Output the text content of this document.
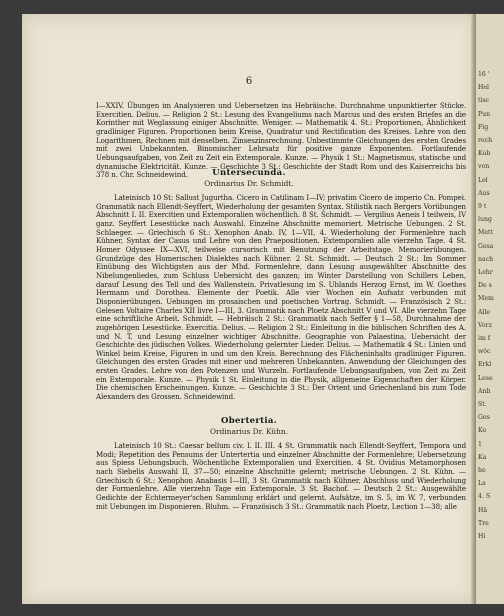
6
I—XXIV. Übungen im Analysieren und Uebersetzen ins Hebräische. Durchnahme unpunktierter Stücke. Exercitien. Delius. — Religion 2 St.: Lesung des Evangeliums nach Marcus und des ersten Briefes an die Korinther mit Weglassung einiger Abschnitte. Weniger. — Mathematik 4. St.: Proportionen, Ähnlichkeit gradliniger Figuren. Proportionen beim Kreise, Quadratur und Rectification des Kreises. Lehre von den Logarithmen, Rechnen mit denselben. Zinseszinsrechnung. Unbestimmte Gleichungen des ersten Grades mit zwei Unbekannten. Binomischer Lehrsatz für positive ganze Exponenten. Fortlaufende Uebungsaufgaben, von Zeit zu Zeit ein Extemporale. Kunze. — Physik 1 St.: Magnetismus, statische und dynamische Elektricität. Kunze. — Geschichte 3 St.: Geschichte der Stadt Rom und des Kaiserreichs bis 378 n. Chr. Schneidewind.	Untersecunda.
Ordinarius Dr. Schmidt.
Lateinisch 10 St: Sallust Jugurtha. Cicero in Catilinam I—IV; privatim Cicero de imperio Cn. Pompei. Grammatik nach Ellendt-Seyffert, Wiederholung der gesamten Syntax. Stilistik nach Bergers Vorübungen Abschnitt I. II. Exercitien und Extemporalien wöchentlich. 8 St. Schmidt. — Vergilius Aeneis I teilweis, IV ganz. Seyffert Lesestücke nach Auswahl. Einzelne Abschnitte memoriert. Metrische Uebungen. 2 St. Schlaeger. — Griechisch 6 St.: Xenophon Anab. IV, 1—VII, 4. Wiederholung der Formenlehre nach Kühner, Syntax der Casus und Lehre von den Praepositionen. Extemporalien alle vierzehn Tage. 4 St. Homer Odyssee IX—XVI, teilweise cursorisch mit Benutzung der Arbeitstage. Memorierübungen. Grundzüge des Homerischen Dialektes nach Kühner. 2 St. Schmidt. — Deutsch 2 St.: Im Sommer Einübung des Wichtigsten aus der Mhd. Formenlehre, dann Lesung ausgewählter Abschnitte des Nibelungenliedes, zum Schluss Uebersicht des ganzen; im Winter Darstellung von Schillers Leben, darauf Lesung des Tell und des Wallenstein. Privatlesung im S. Uhlands Herzog Ernst, im W. Goethes Hermann und Dorothea. Elemente der Poetik. Alle vier Wochen ein Aufsatz verbunden mit Disponierübungen. Uebungen im prosaischen und poetischen Vortrag. Schmidt. — Französisch 2 St.: Gelesen Voltaire Charles XII livre I—III, 3. Grammatik nach Ploetz Abschnitt V und VI. Alle vierzehn Tage eine schriftliche Arbeit. Schmidt. — Hebräisch 2 St.: Grammatik nach Seffer § 1—58, Durchnahme der zugehörigen Lesestücke. Exercitia. Delius. — Religion 2 St.: Einleitung in die biblischen Schriften des A. und N. T. und Lesung einzelner wichtiger Abschnitte. Geographie von Palaestina, Uebersicht der Geschichte des jüdischen Volkes. Wiederholung gelernter Lieder. Delius. — Mathematik 4 St.: Linien und Winkel beim Kreise, Figuren in und um den Kreis. Berechnung des Flächeninhalts gradliniger Figuren. Gleichungen des ersten Grades mit einer und mehreren Unbekannten. Anwendung der Gleichungen des ersten Grades. Lehre von den Potenzen und Wurzeln. Fortlaufende Uebungsaufgaben, von Zeit zu Zeit ein Extemporale. Kunze. — Physik 1 St. Einleitung in die Physik, allgemeine Eigenschaften der Körper. Die chemischen Erscheinungen. Kunze. — Geschichte 3 St.: Der Orient und Griechenland bis zum Tode Alexanders des Grossen. Schneidewind.
Obertertia.
Ordinarius Dr. Kühn.
Lateinisch 10 St.: Caesar bellum civ. I. II. III. 4 St. Grammatik nach Ellendt-Seyffert, Tempora und Modi; Repetition des Pensums der Untertertia und einzelner Abschnitte der Formenlehre; Uebersetzung aus Spiess Uebungsbuch. Wöchentliche Extemporalien und Exercitien. 4 St. Ovidius Metamorphosen nach Siebelis Auswahl II, 37—50; einzelne Abschnitte gelernt; metrische Uebungen. 2 St. Kühn. — Griechisch 6 St.: Xenophon Anabasis I—III, 3 St. Grammatik nach Kühner, Abschluss und Wiederholung der Formenlehre. Alle vierzehn Tage ein Extemporale. 3 St. Bachof. — Deutsch 2 St.: Ausgewählte Gedichte der Echtermeyer'schen Sammlung erklärt und gelernt. Aufsätze, im S. 5, im W. 7, verbunden mit Uebungen im Disponieren. Bluhm. — Französisch 3 St.: Grammatik nach Ploetz, Lection 1—38; alle
16 '
Hel
tisc
Pun
Fig
rech
Kub
von
Lel
Aus
9 t
lung
Mett
Gesa
nach
Lehr
De s
Mem
Alle
Vorz
im f
wöc
Erkl
Lese
Anh
St.
Ges
Ko
1
Ka
he
La
4. S
Hä
Tre
Hi
